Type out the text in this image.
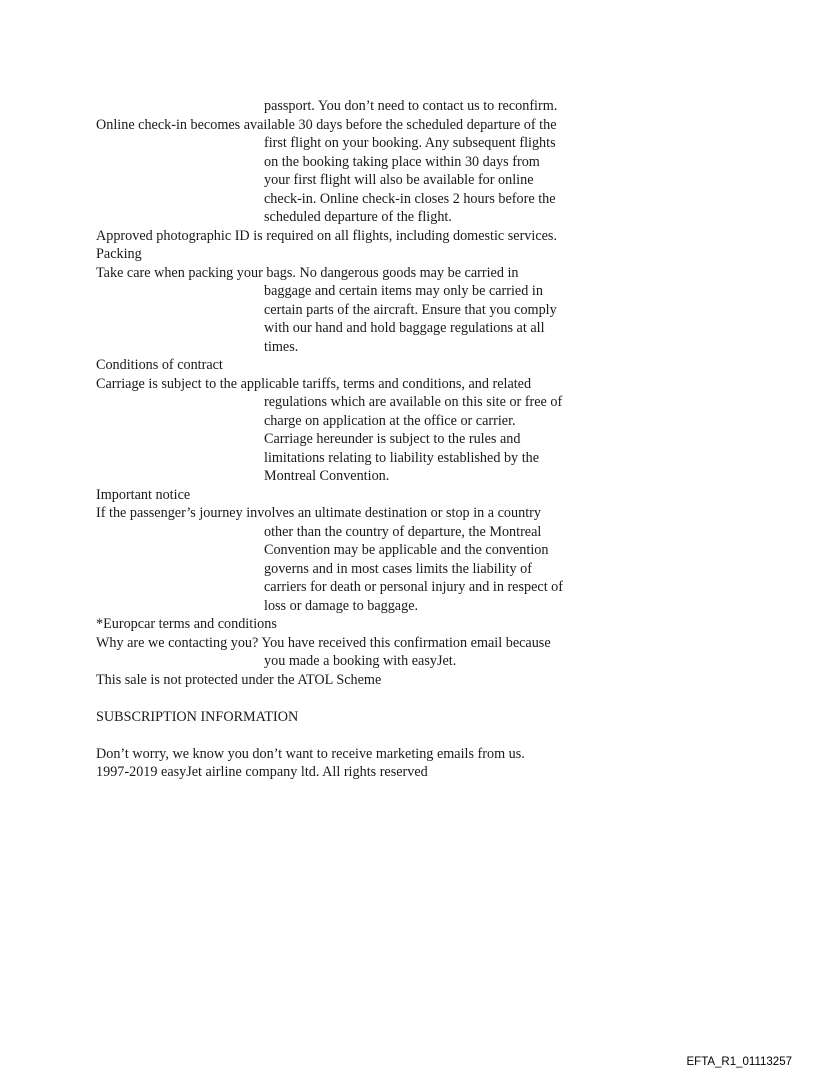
passport. You don’t need to contact us to reconfirm.

Online check-in becomes available 30 days before the scheduled departure of the first flight on your booking. Any subsequent flights on the booking taking place within 30 days from your first flight will also be available for online check-in. Online check-in closes 2 hours before the scheduled departure of the flight.

Approved photographic ID is required on all flights, including domestic services.

Packing

Take care when packing your bags. No dangerous goods may be carried in baggage and certain items may only be carried in certain parts of the aircraft. Ensure that you comply with our hand and hold baggage regulations at all times.

Conditions of contract

Carriage is subject to the applicable tariffs, terms and conditions, and related regulations which are available on this site or free of charge on application at the office or carrier. Carriage hereunder is subject to the rules and limitations relating to liability established by the Montreal Convention.

Important notice

If the passenger’s journey involves an ultimate destination or stop in a country other than the country of departure, the Montreal Convention may be applicable and the convention governs and in most cases limits the liability of carriers for death or personal injury and in respect of loss or damage to baggage.

*Europcar terms and conditions

Why are we contacting you? You have received this confirmation email because you made a booking with easyJet.

This sale is not protected under the ATOL Scheme

SUBSCRIPTION INFORMATION

Don’t worry, we know you don’t want to receive marketing emails from us.

1997-2019 easyJet airline company ltd. All rights reserved

EFTA_R1_01113257
